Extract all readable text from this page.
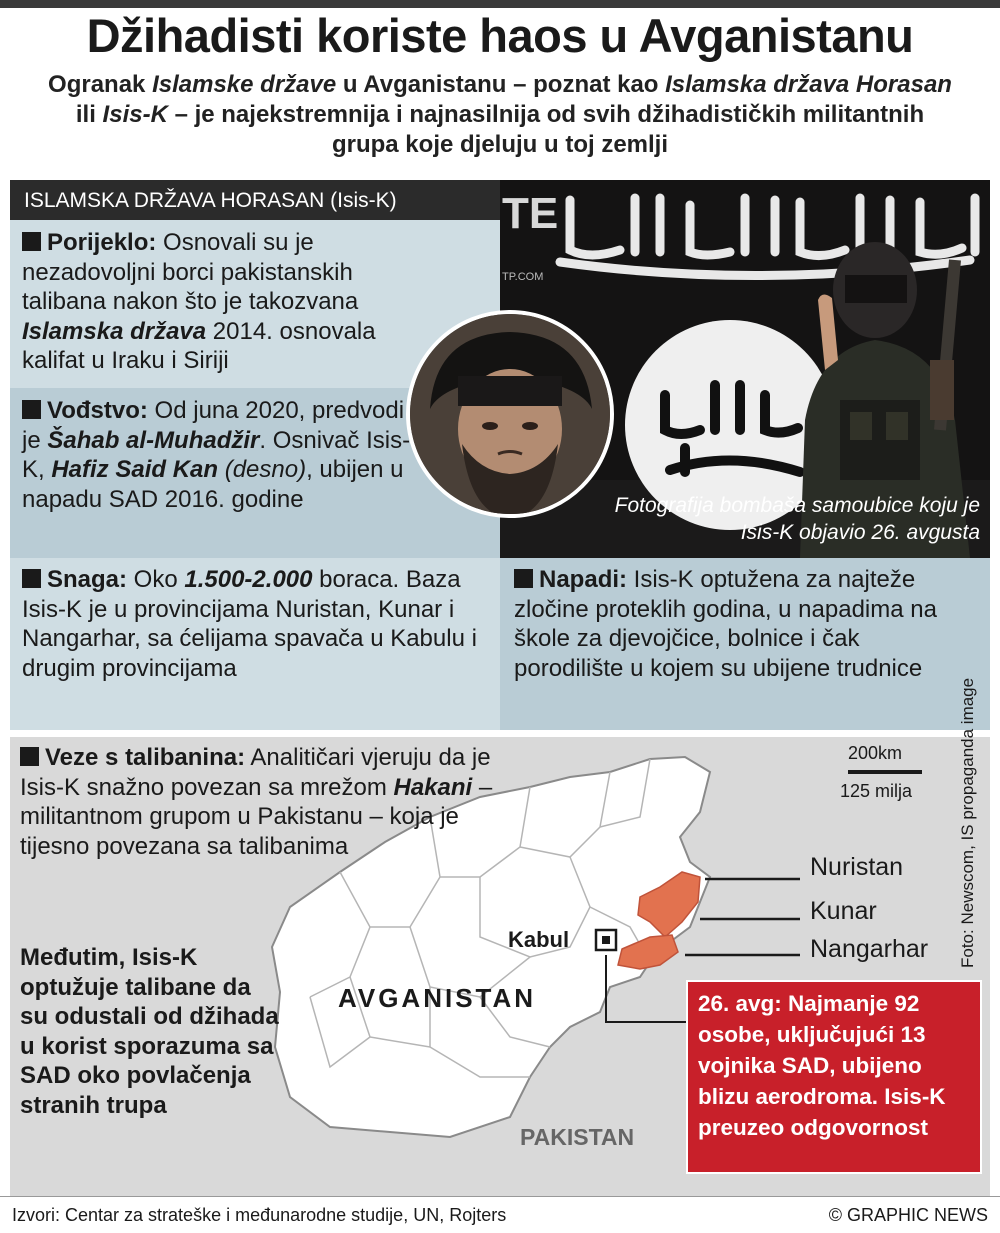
Džihadisti koriste haos u Avganistanu

Ogranak Islamske države u Avganistanu – poznat kao Islamska država Horasan ili Isis-K – je najekstremnija i najnasilnija od svih džihadističkih militantnih grupa koje djeluju u toj zemlji

ISLAMSKA DRŽAVA HORASAN (Isis-K)	TE
TP.COM
Fotografija bombaša samoubice koju je Isis-K objavio 26. avgusta
Porijeklo: Osnovali su je nezadovoljni borci pakistanskih talibana nakon što je takozvana Islamska država 2014. osnovala kalifat u Iraku i Siriji
Vođstvo: Od juna 2020, predvodi je Šahab al-Muhadžir. Osnivač Isis-K, Hafiz Said Kan (desno), ubijen u napadu SAD 2016. godine
Snaga: Oko 1.500-2.000 boraca. Baza Isis-K je u provincijama Nuristan, Kunar i Nangarhar, sa ćelijama spavača u Kabulu i drugim provincijama
Napadi: Isis-K optužena za najteže zločine proteklih godina, u napadima na škole za djevojčice, bolnice i čak porodilište u kojem su ubijene trudnice
Veze s talibanina: Analitičari vjeruju da je Isis-K snažno povezan sa mrežom Hakani – militantnom grupom u Pakistanu – koja je tijesno povezana sa talibanima
Međutim, Isis-K optužuje talibane da su odustali od džihada u korist sporazuma sa SAD oko povlačenja stranih trupa
AVGANISTAN
PAKISTAN
Kabul
Nuristan
Kunar
Nangarhar
200km
125 milja
26. avg: Najmanje 92 osobe, uključujući 13 vojnika SAD, ubijeno blizu aerodroma. Isis-K preuzeo odgovornost
Foto: Newscom, IS propaganda image
Izvori: Centar za strateške i međunarodne studije, UN, Rojters	© GRAPHIC NEWS
